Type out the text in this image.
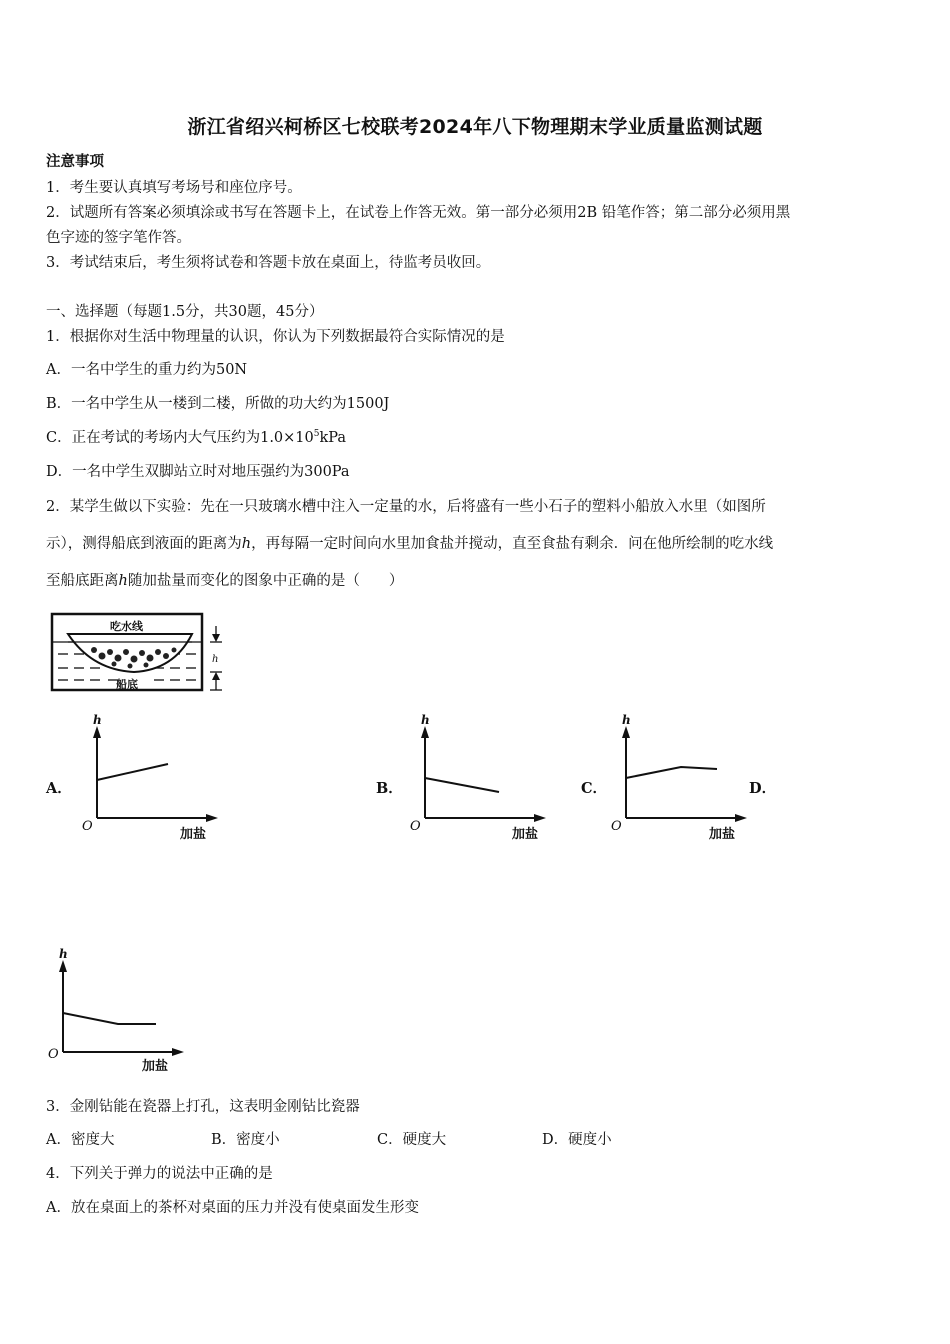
浙江省绍兴柯桥区七校联考2024年八下物理期末学业质量监测试题
注意事项
1．考生要认真填写考场号和座位序号。
2．试题所有答案必须填涂或书写在答题卡上，在试卷上作答无效。第一部分必须用2B 铅笔作答；第二部分必须用黑
色字迹的签字笔作答。
3．考试结束后，考生须将试卷和答题卡放在桌面上，待监考员收回。
一、选择题（每题1.5分，共30题，45分）
1．根据你对生活中物理量的认识，你认为下列数据最符合实际情况的是
A．一名中学生的重力约为50N
B．一名中学生从一楼到二楼，所做的功大约为1500J
C．正在考试的考场内大气压约为$1.0\times 10^5kPa$
D．一名中学生双脚站立时对地压强约为300Pa
2．某学生做以下实验：先在一只玻璃水槽中注入一定量的水，后将盛有一些小石子的塑料小船放入水里（如图所
示），测得船底到液面的距离为h，再每隔一定时间向水里加食盐并搅动，直至食盐有剩余．问在他所绘制的吃水线
至船底距离h随加盐量而变化的图象中正确的是（　　）
吃水线
船底
h
A．	B．	C．	D．
h
O
加盐
h
O
加盐
h
O
加盐
h
O
加盐
3．金刚钻能在瓷器上打孔，这表明金刚钻比瓷器
A．密度大	B．密度小	C．硬度大	D．硬度小
4．下列关于弹力的说法中正确的是
A．放在桌面上的茶杯对桌面的压力并没有使桌面发生形变
